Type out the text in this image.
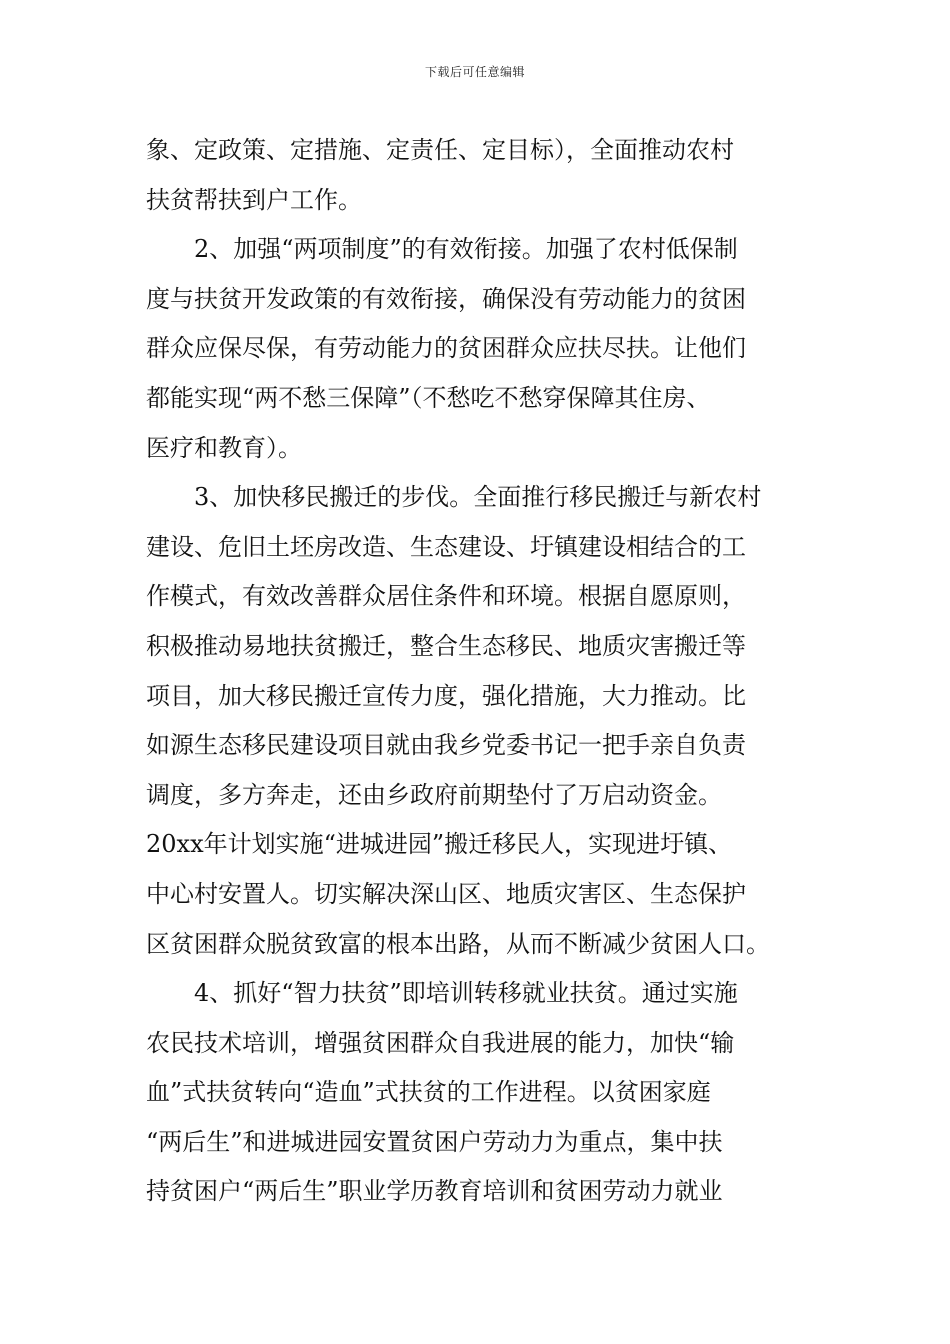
下载后可任意编辑
象、定政策、定措施、定责任、定目标），全面推动农村
扶贫帮扶到户工作。
2、加强“两项制度”的有效衔接。加强了农村低保制
度与扶贫开发政策的有效衔接，确保没有劳动能力的贫困
群众应保尽保，有劳动能力的贫困群众应扶尽扶。让他们
都能实现“两不愁三保障”（不愁吃不愁穿保障其住房、
医疗和教育）。
3、加快移民搬迁的步伐。全面推行移民搬迁与新农村
建设、危旧土坯房改造、生态建设、圩镇建设相结合的工
作模式，有效改善群众居住条件和环境。根据自愿原则，
积极推动易地扶贫搬迁，整合生态移民、地质灾害搬迁等
项目，加大移民搬迁宣传力度，强化措施，大力推动。比
如源生态移民建设项目就由我乡党委书记一把手亲自负责
调度，多方奔走，还由乡政府前期垫付了万启动资金。
20xx年计划实施“进城进园”搬迁移民人，实现进圩镇、
中心村安置人。切实解决深山区、地质灾害区、生态保护
区贫困群众脱贫致富的根本出路，从而不断减少贫困人口。
4、抓好“智力扶贫”即培训转移就业扶贫。通过实施
农民技术培训，增强贫困群众自我进展的能力，加快“输
血”式扶贫转向“造血”式扶贫的工作进程。以贫困家庭
“两后生”和进城进园安置贫困户劳动力为重点，集中扶
持贫困户“两后生”职业学历教育培训和贫困劳动力就业
